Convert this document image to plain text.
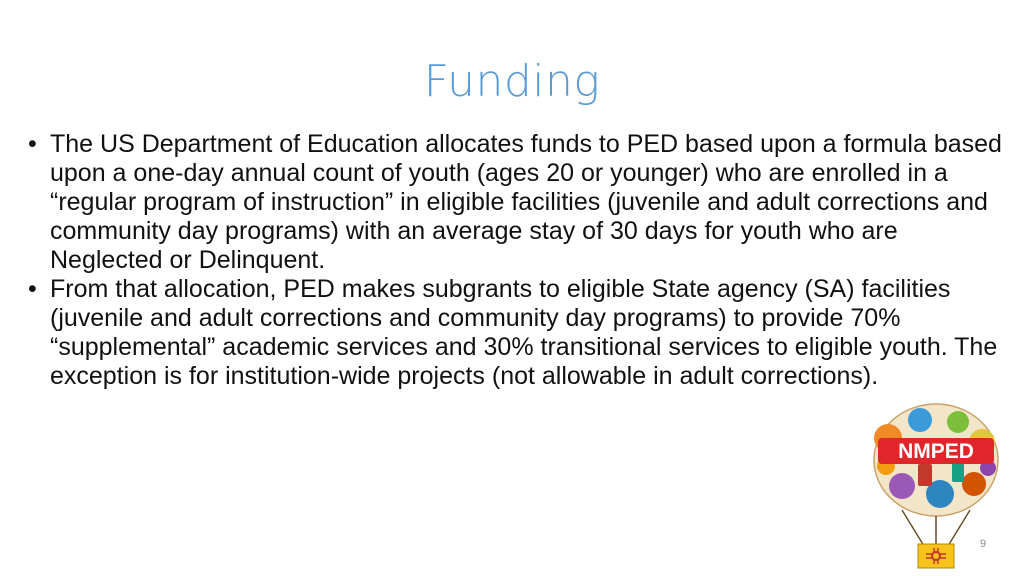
Funding
• The US Department of Education allocates funds to PED based upon a formula based upon a one-day annual count of youth (ages 20 or younger) who are enrolled in a “regular program of instruction” in eligible facilities (juvenile and adult corrections and community day programs) with an average stay of 30 days for youth who are Neglected or Delinquent.
• From that allocation, PED makes subgrants to eligible State agency (SA) facilities (juvenile and adult corrections and community day programs) to provide 70% “supplemental” academic services and 30% transitional services to eligible youth. The exception is for institution-wide projects (not allowable in adult corrections).
NMPED
9
